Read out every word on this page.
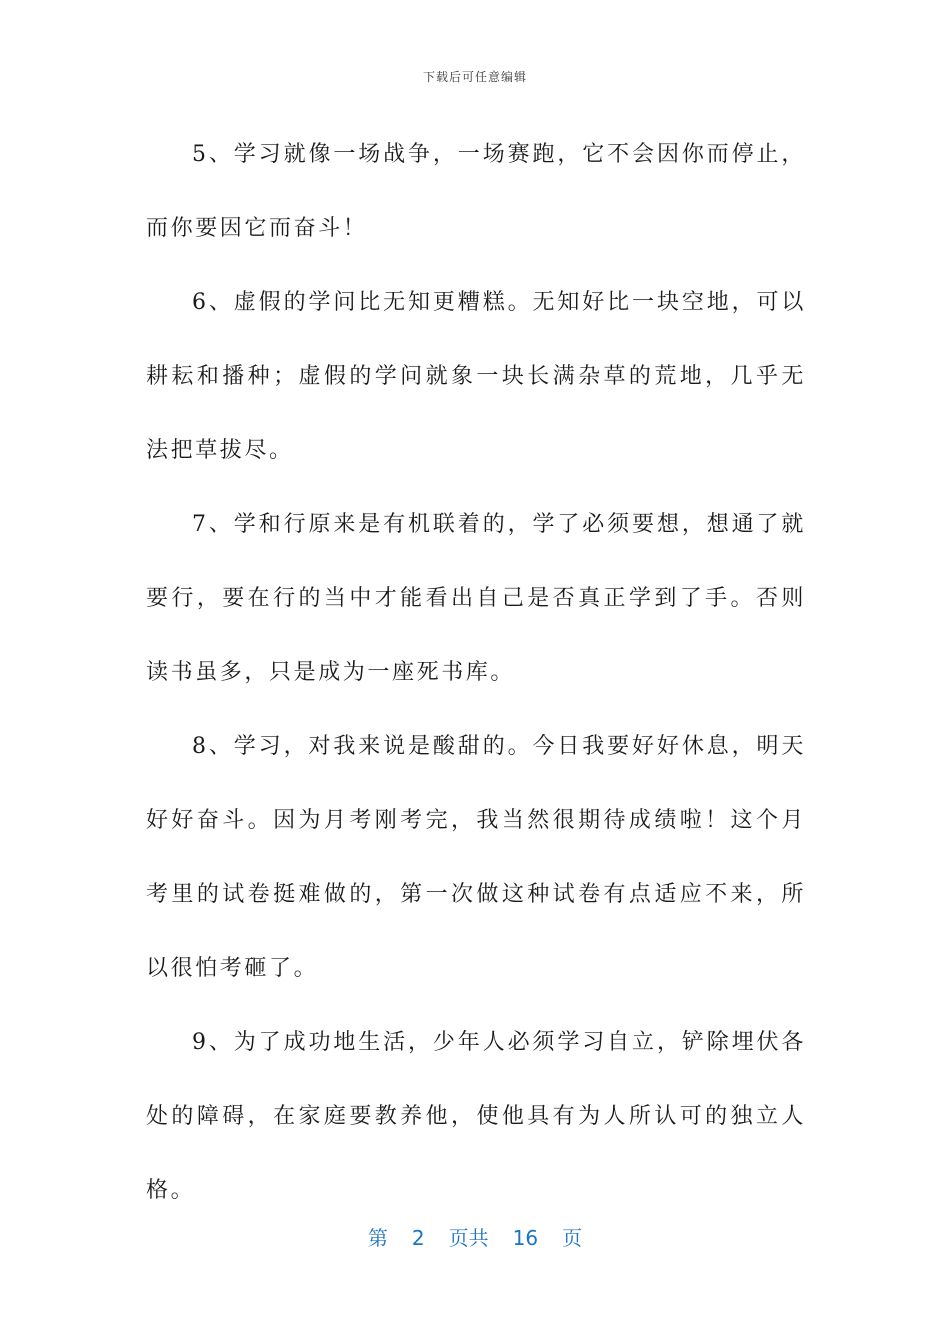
下载后可任意编辑

5、学习就像一场战争，一场赛跑，它不会因你而停止，而你要因它而奋斗！

6、虚假的学问比无知更糟糕。无知好比一块空地，可以耕耘和播种；虚假的学问就象一块长满杂草的荒地，几乎无法把草拔尽。

7、学和行原来是有机联着的，学了必须要想，想通了就要行，要在行的当中才能看出自己是否真正学到了手。否则读书虽多，只是成为一座死书库。

8、学习，对我来说是酸甜的。今日我要好好休息，明天好好奋斗。因为月考刚考完，我当然很期待成绩啦！这个月考里的试卷挺难做的，第一次做这种试卷有点适应不来，所以很怕考砸了。

9、为了成功地生活，少年人必须学习自立，铲除埋伏各处的障碍，在家庭要教养他，使他具有为人所认可的独立人格。

第 2 页共 16 页
